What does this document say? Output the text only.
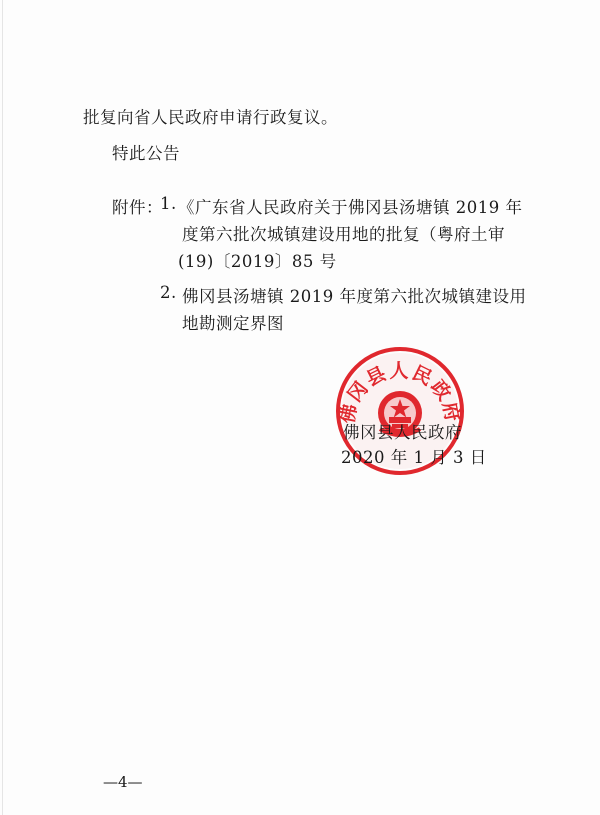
批复向省人民政府申请行政复议。
特此公告
附件：
1. 《广东省人民政府关于佛冈县汤塘镇 2019 年
度第六批次城镇建设用地的批复（粤府土审
(19)〔2019〕85 号
2. 佛冈县汤塘镇 2019 年度第六批次城镇建设用
地勘测定界图
佛冈县人民政府
佛冈县人民政府
2020 年 1 月 3 日
—4—
